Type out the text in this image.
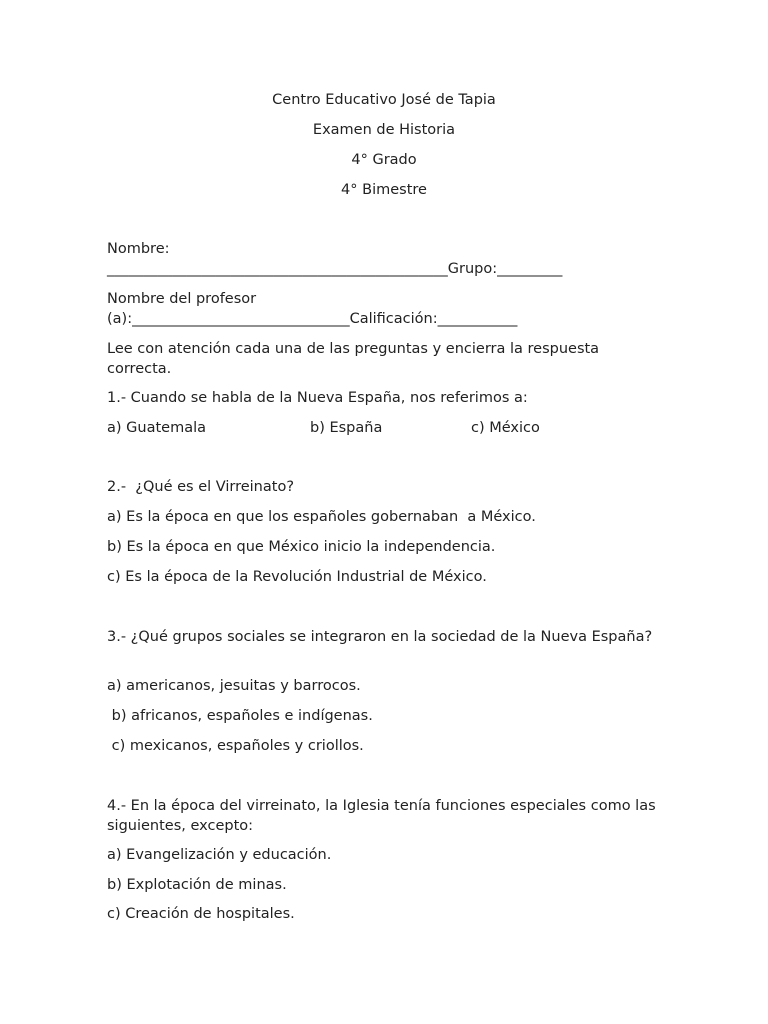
Centro Educativo José de Tapia
Examen de Historia
4° Grado
4° Bimestre
Nombre:
_______________________________________________Grupo:_________
Nombre del profesor
(a):______________________________Calificación:___________
Lee con atención cada una de las preguntas y encierra la respuesta correcta.
1.- Cuando se habla de la Nueva España, nos referimos a:
a) Guatemala	b) España	c) México
2.-  ¿Qué es el Virreinato?
a) Es la época en que los españoles gobernaban  a México.
b) Es la época en que México inicio la independencia.
c) Es la época de la Revolución Industrial de México.
3.- ¿Qué grupos sociales se integraron en la sociedad de la Nueva España?
a) americanos, jesuitas y barrocos.
b) africanos, españoles e indígenas.
c) mexicanos, españoles y criollos.
4.- En la época del virreinato, la Iglesia tenía funciones especiales como las siguientes, excepto:
a) Evangelización y educación.
b) Explotación de minas.
c) Creación de hospitales.
